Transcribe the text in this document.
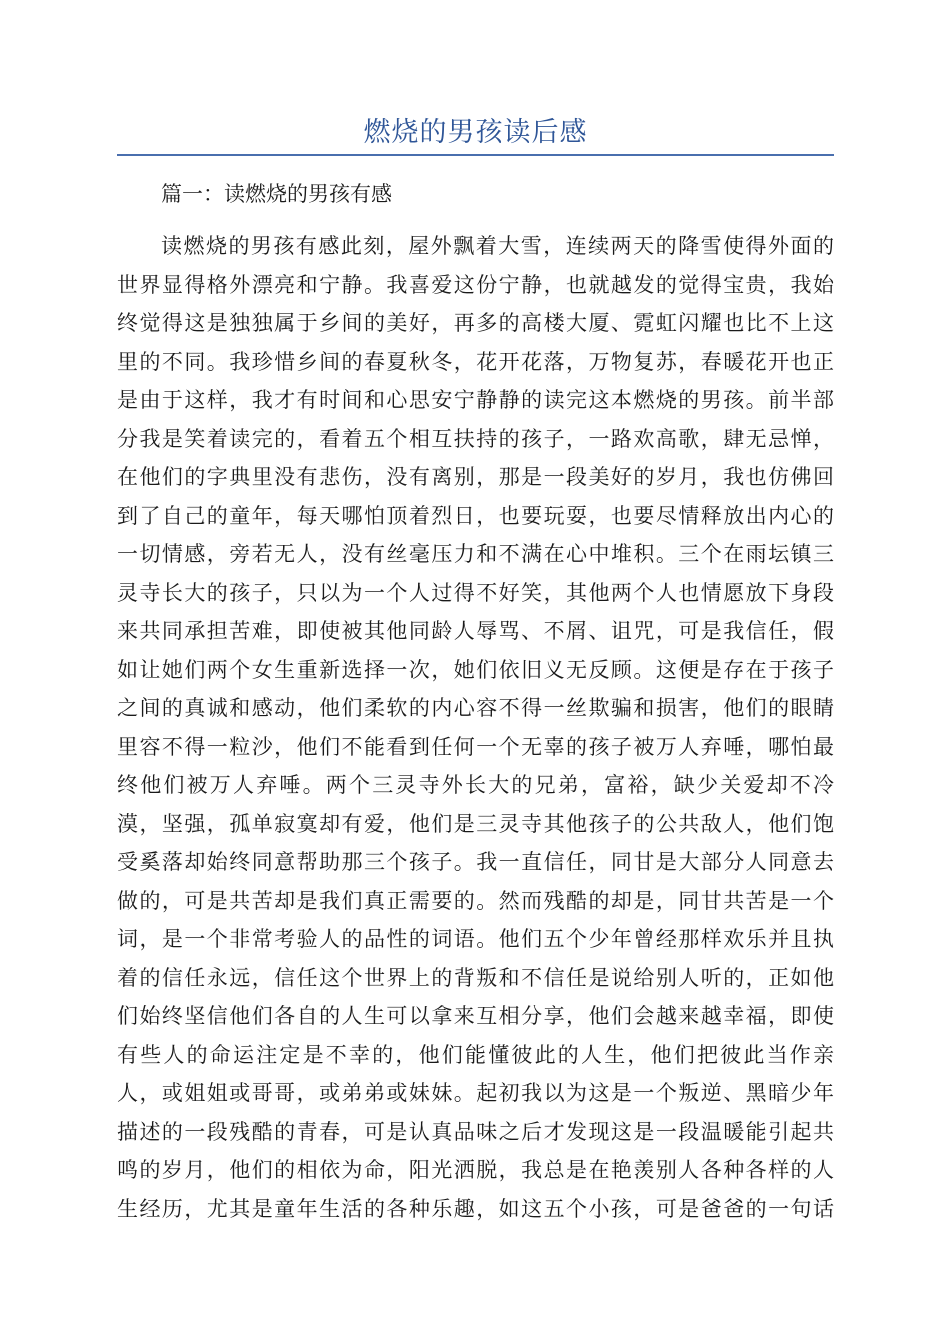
燃烧的男孩读后感
篇一：读燃烧的男孩有感
读燃烧的男孩有感此刻，屋外飘着大雪，连续两天的降雪使得外面的
世界显得格外漂亮和宁静。我喜爱这份宁静，也就越发的觉得宝贵，我始
终觉得这是独独属于乡间的美好，再多的高楼大厦、霓虹闪耀也比不上这
里的不同。我珍惜乡间的春夏秋冬，花开花落，万物复苏，春暖花开也正
是由于这样，我才有时间和心思安宁静静的读完这本燃烧的男孩。前半部
分我是笑着读完的，看着五个相互扶持的孩子，一路欢高歌，肆无忌惮，
在他们的字典里没有悲伤，没有离别，那是一段美好的岁月，我也仿佛回
到了自己的童年，每天哪怕顶着烈日，也要玩耍，也要尽情释放出内心的
一切情感，旁若无人，没有丝毫压力和不满在心中堆积。三个在雨坛镇三
灵寺长大的孩子，只以为一个人过得不好笑，其他两个人也情愿放下身段
来共同承担苦难，即使被其他同龄人辱骂、不屑、诅咒，可是我信任，假
如让她们两个女生重新选择一次，她们依旧义无反顾。这便是存在于孩子
之间的真诚和感动，他们柔软的内心容不得一丝欺骗和损害，他们的眼睛
里容不得一粒沙，他们不能看到任何一个无辜的孩子被万人弃唾，哪怕最
终他们被万人弃唾。两个三灵寺外长大的兄弟，富裕，缺少关爱却不冷
漠，坚强，孤单寂寞却有爱，他们是三灵寺其他孩子的公共敌人，他们饱
受奚落却始终同意帮助那三个孩子。我一直信任，同甘是大部分人同意去
做的，可是共苦却是我们真正需要的。然而残酷的却是，同甘共苦是一个
词，是一个非常考验人的品性的词语。他们五个少年曾经那样欢乐并且执
着的信任永远，信任这个世界上的背叛和不信任是说给别人听的，正如他
们始终坚信他们各自的人生可以拿来互相分享，他们会越来越幸福，即使
有些人的命运注定是不幸的，他们能懂彼此的人生，他们把彼此当作亲
人，或姐姐或哥哥，或弟弟或妹妹。起初我以为这是一个叛逆、黑暗少年
描述的一段残酷的青春，可是认真品味之后才发现这是一段温暖能引起共
鸣的岁月，他们的相依为命，阳光洒脱，我总是在艳羡别人各种各样的人
生经历，尤其是童年生活的各种乐趣，如这五个小孩，可是爸爸的一句话
